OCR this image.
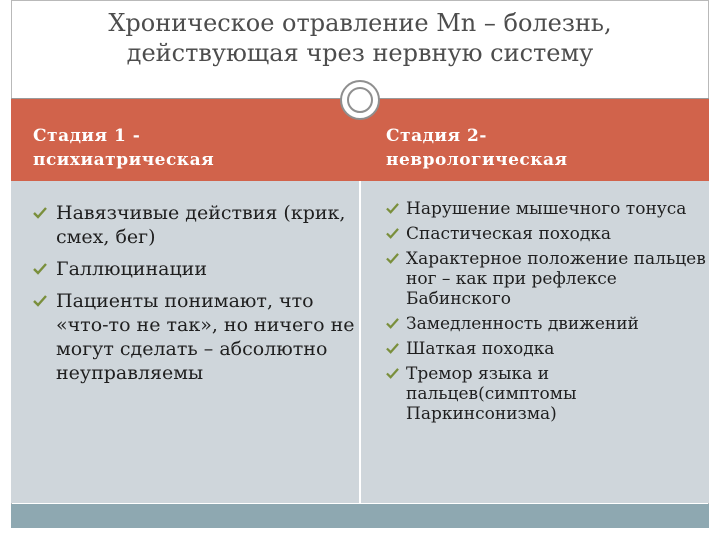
Хроническое отравление Mn – болезнь,
действующая чрез нервную систему
Стадия 1 -
психиатрическая
Стадия 2-
неврологическая
Навязчивые действия (крик, смех, бег)
Галлюцинации
Пациенты понимают, что «что-то не так», но ничего не могут сделать – абсолютно неуправляемы
Нарушение мышечного тонуса
Спастическая походка
Характерное положение пальцев ног – как при рефлексе Бабинского
Замедленность движений
Шаткая походка
Тремор языка и пальцев(симптомы Паркинсонизма)
